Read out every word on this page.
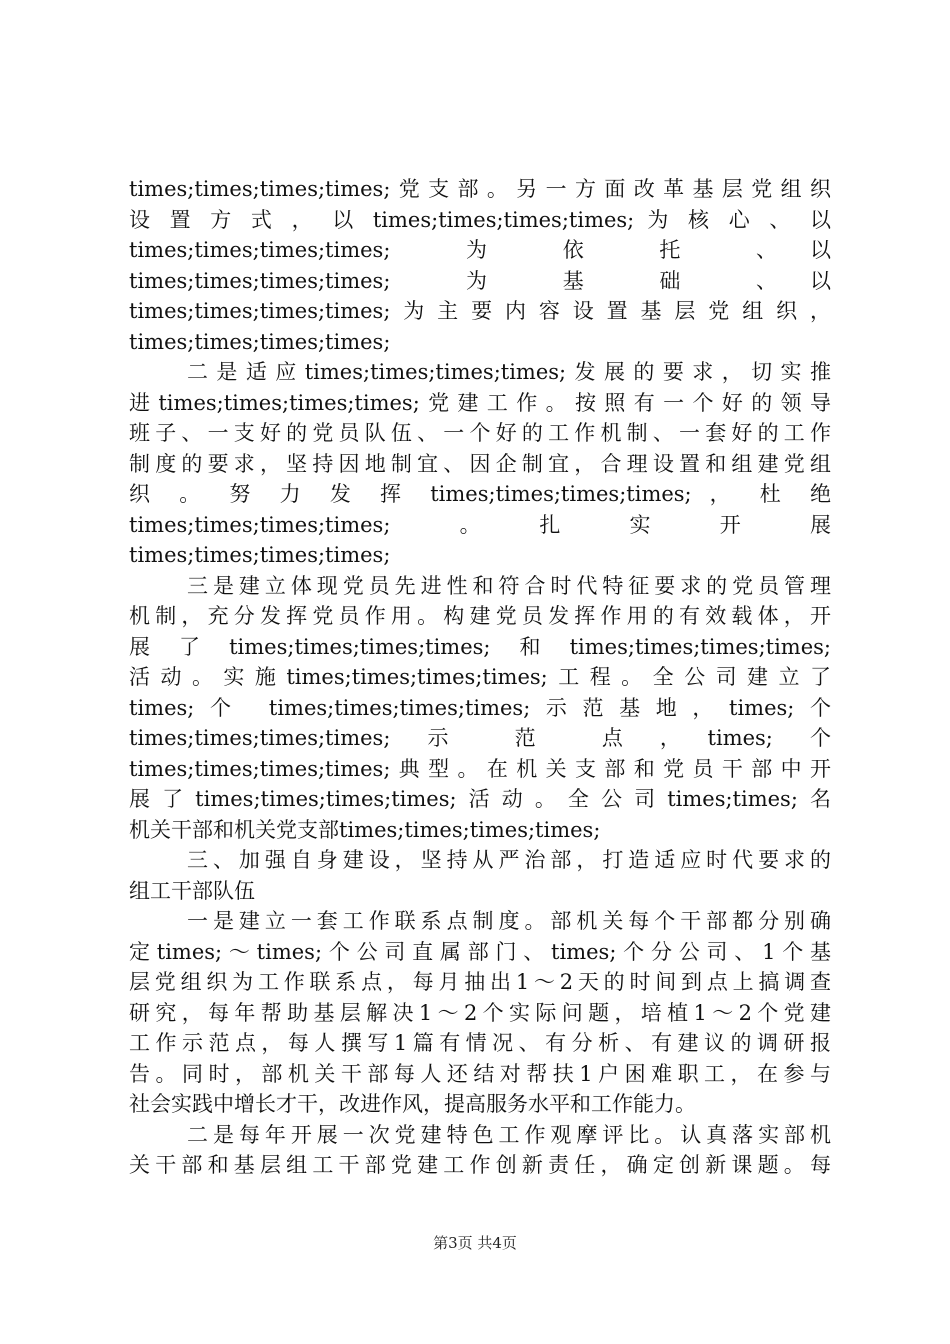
times;times;times;times;党支部。另一方面改革基层党组织
设 置 方 式 ， 以 times;times;times;times; 为 核 心 、 以
times;times;times;times;　　为　　依　　托　　、　以
times;times;times;times;　　为　　基　　础　　、　以
times;times;times;times;为主要内容设置基层党组织，
times;times;times;times;
二是适应times;times;times;times;发展的要求，切实推
进times;times;times;times;党建工作。按照有一个好的领导
班子、一支好的党员队伍、一个好的工作机制、一套好的工作
制度的要求，坚持因地制宜、因企制宜，合理设置和组建党组
织 。 努 力 发 挥 times;times;times;times; ， 杜 绝
times;times;times;times;　　。　　扎　　实　　开　　展
times;times;times;times;
三是建立体现党员先进性和符合时代特征要求的党员管理
机制，充分发挥党员作用。构建党员发挥作用的有效载体，开
展了times;times;times;times;和times;times;times;times;
活动。实施times;times;times;times;工程。全公司建立了
times;个 times;times;times;times;示范基地，times;个
times;times;times;times;　示　　范　　点　，　times;　个
times;times;times;times;典型。在机关支部和党员干部中开
展了times;times;times;times;活动。全公司times;times;名
机关干部和机关党支部times;times;times;times;
三、加强自身建设，坚持从严治部，打造适应时代要求的
组工干部队伍
一是建立一套工作联系点制度。部机关每个干部都分别确
定times;～times;个公司直属部门、times;个分公司、1个基
层党组织为工作联系点，每月抽出1～2天的时间到点上搞调查
研究，每年帮助基层解决1～2个实际问题，培植1～2个党建
工作示范点，每人撰写1篇有情况、有分析、有建议的调研报
告。同时，部机关干部每人还结对帮扶1户困难职工，在参与
社会实践中增长才干，改进作风，提高服务水平和工作能力。
二是每年开展一次党建特色工作观摩评比。认真落实部机
关干部和基层组工干部党建工作创新责任，确定创新课题。每
第3页 共4页
